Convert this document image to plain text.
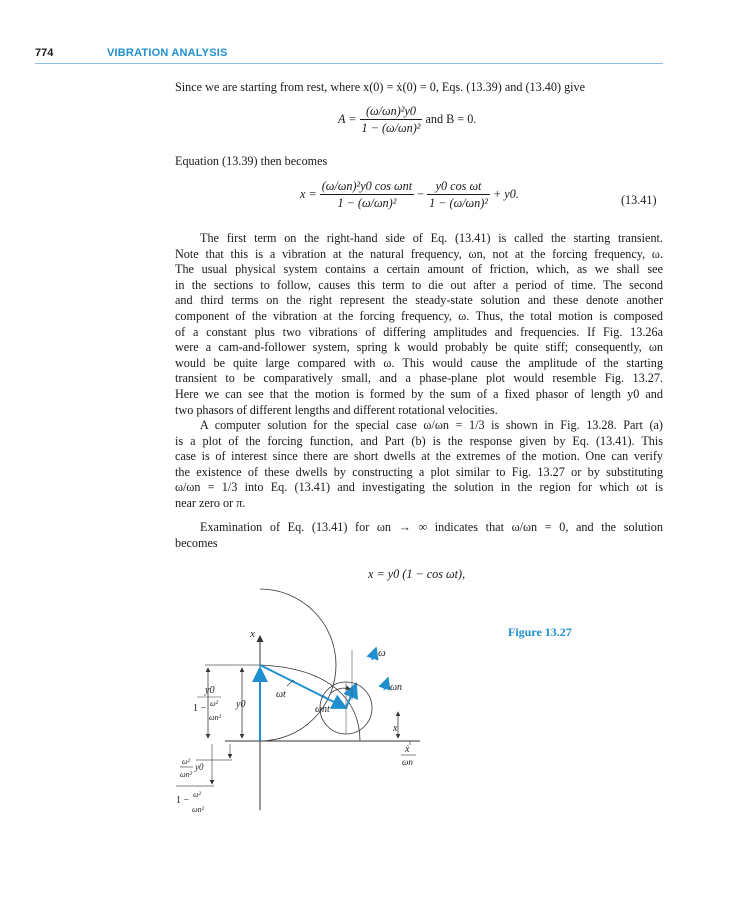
774	VIBRATION ANALYSIS
Since we are starting from rest, where x(0) = ẋ(0) = 0, Eqs. (13.39) and (13.40) give
$A = \frac{\text{(ω/ωn)²y0}}{\text{1 − (ω/ωn)²}}$ and B = 0.
Equation (13.39) then becomes
$x = \frac{\text{(ω/ωn)²y0 cos ωnt}}{\text{1 − (ω/ωn)²}} - \frac{\text{y0 cos ωt}}{\text{1 − (ω/ωn)²}} + y0$.	(13.41)
The first term on the right-hand side of Eq. (13.41) is called the starting transient.
Note that this is a vibration at the natural frequency, ωn, not at the forcing frequency, ω.
The usual physical system contains a certain amount of friction, which, as we shall see
in the sections to follow, causes this term to die out after a period of time. The second
and third terms on the right represent the steady-state solution and these denote another
component of the vibration at the forcing frequency, ω. Thus, the total motion is composed
of a constant plus two vibrations of differing amplitudes and frequencies. If Fig. 13.26a
were a cam-and-follower system, spring k would probably be quite stiff; consequently, ωn
would be quite large compared with ω. This would cause the amplitude of the starting
transient to be comparatively small, and a phase-plane plot would resemble Fig. 13.27.
Here we can see that the motion is formed by the sum of a fixed phasor of length y0 and
two phasors of different lengths and different rotational velocities.
A computer solution for the special case ω/ωn = 1/3 is shown in Fig. 13.28. Part (a)
is a plot of the forcing function, and Part (b) is the response given by Eq. (13.41). This
case is of interest since there are short dwells at the extremes of the motion. One can verify
the existence of these dwells by constructing a plot similar to Fig. 13.27 or by substituting
ω/ωn = 1/3 into Eq. (13.41) and investigating the solution in the region for which ωt is
near zero or π.
Examination of Eq. (13.41) for ωn → ∞ indicates that ω/ωn = 0, and the solution
becomes
x = y0 (1 − cos ωt),
Figure 13.27
x
ω
ωn
ωt
ωnt
x
ẋ
ωn
y0
1 − ω²
ωn²
y0
ω²
y0
ωn²
1 −
ω²
ωn²
